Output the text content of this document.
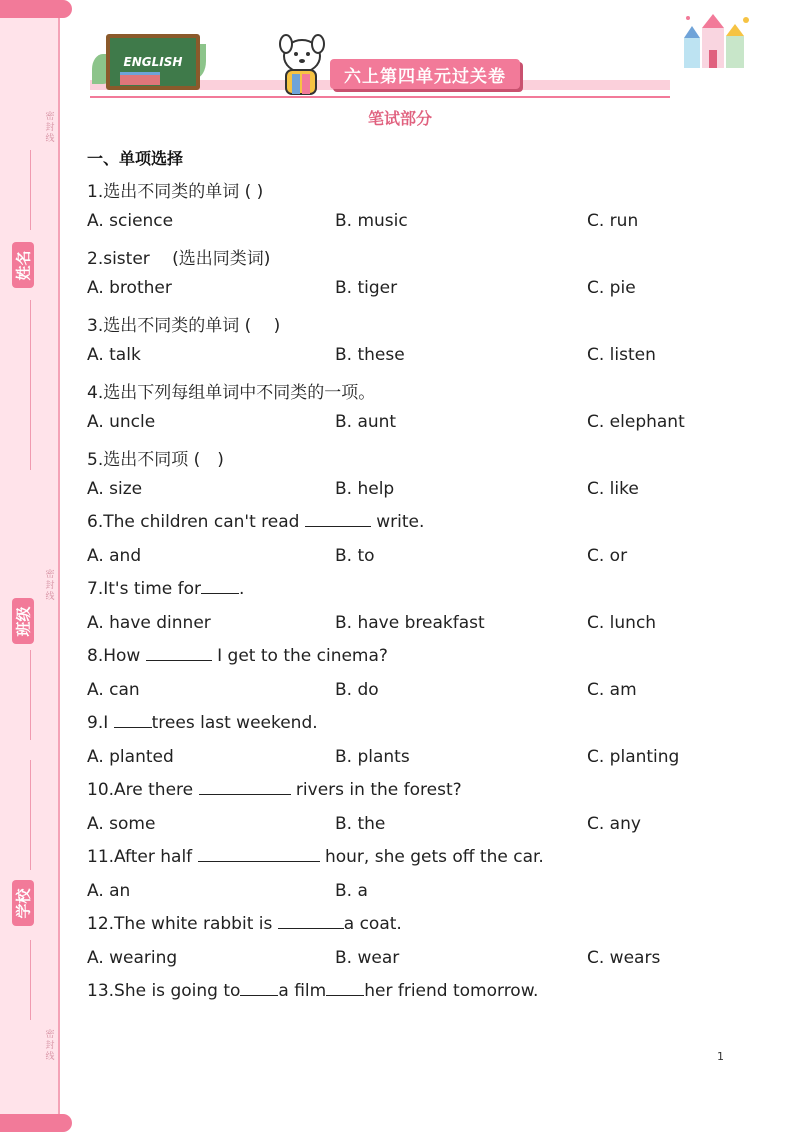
密封线
密封线
密封线
姓名
班级
学校
ENGLISH
六上第四单元过关卷
笔试部分
一、单项选择
1.选出不同类的单词 ( )
A. science	B. music	C. run
2.sister　 (选出同类词)
A. brother	B. tiger	C. pie
3.选出不同类的单词 (　 )
A. talk	B. these	C. listen
4.选出下列每组单词中不同类的一项。
A. uncle	B. aunt	C. elephant
5.选出不同项 (　)
A. size	B. help	C. like
6.The children can't read	write.
A. and	B. to	C. or
7.It's time for .
A. have dinner	B. have breakfast	C. lunch
8.How	I get to the cinema?
A. can	B. do	C. am
9.I trees last weekend.
A. planted	B. plants	C. planting
10.Are there	rivers in the forest?
A. some	B. the	C. any
11.After half	hour, she gets off the car.
A. an	B. a
12.The white rabbit is	a coat.
A. wearing	B. wear	C. wears
13.She is going to a film her friend tomorrow.
1
